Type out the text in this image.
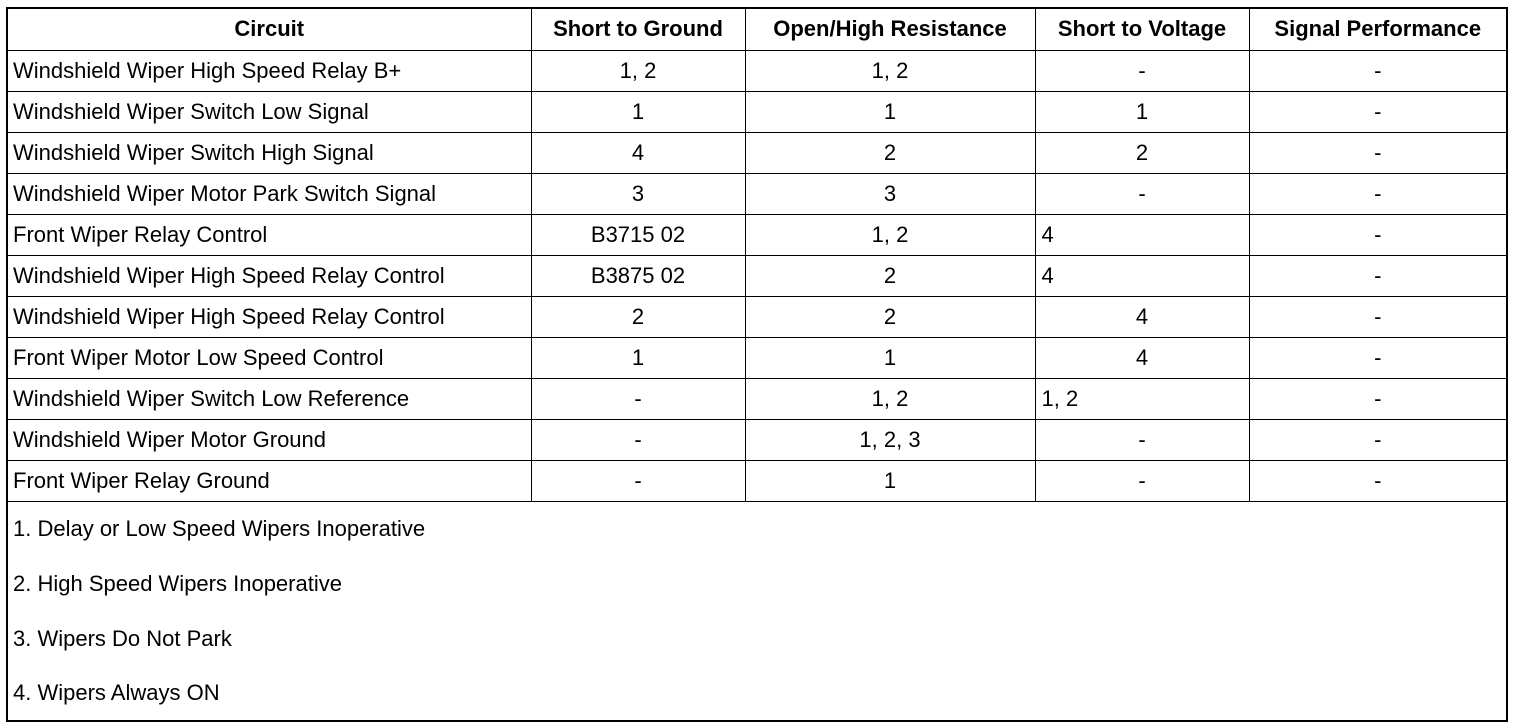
Circuit	Short to Ground	Open/High Resistance	Short to Voltage	Signal Performance
Windshield Wiper High Speed Relay B+	1, 2	1, 2	-	-
Windshield Wiper Switch Low Signal	1	1	1	-
Windshield Wiper Switch High Signal	4	2	2	-
Windshield Wiper Motor Park Switch Signal	3	3	-	-
Front Wiper Relay Control	B3715 02	1, 2	4	-
Windshield Wiper High Speed Relay Control	B3875 02	2	4	-
Windshield Wiper High Speed Relay Control	2	2	4	-
Front Wiper Motor Low Speed Control	1	1	4	-
Windshield Wiper Switch Low Reference	-	1, 2	1, 2	-
Windshield Wiper Motor Ground	-	1, 2, 3	-	-
Front Wiper Relay Ground	-	1	-	-
1. Delay or Low Speed Wipers Inoperative				
2. High Speed Wipers Inoperative				
3. Wipers Do Not Park				
4. Wipers Always ON				
